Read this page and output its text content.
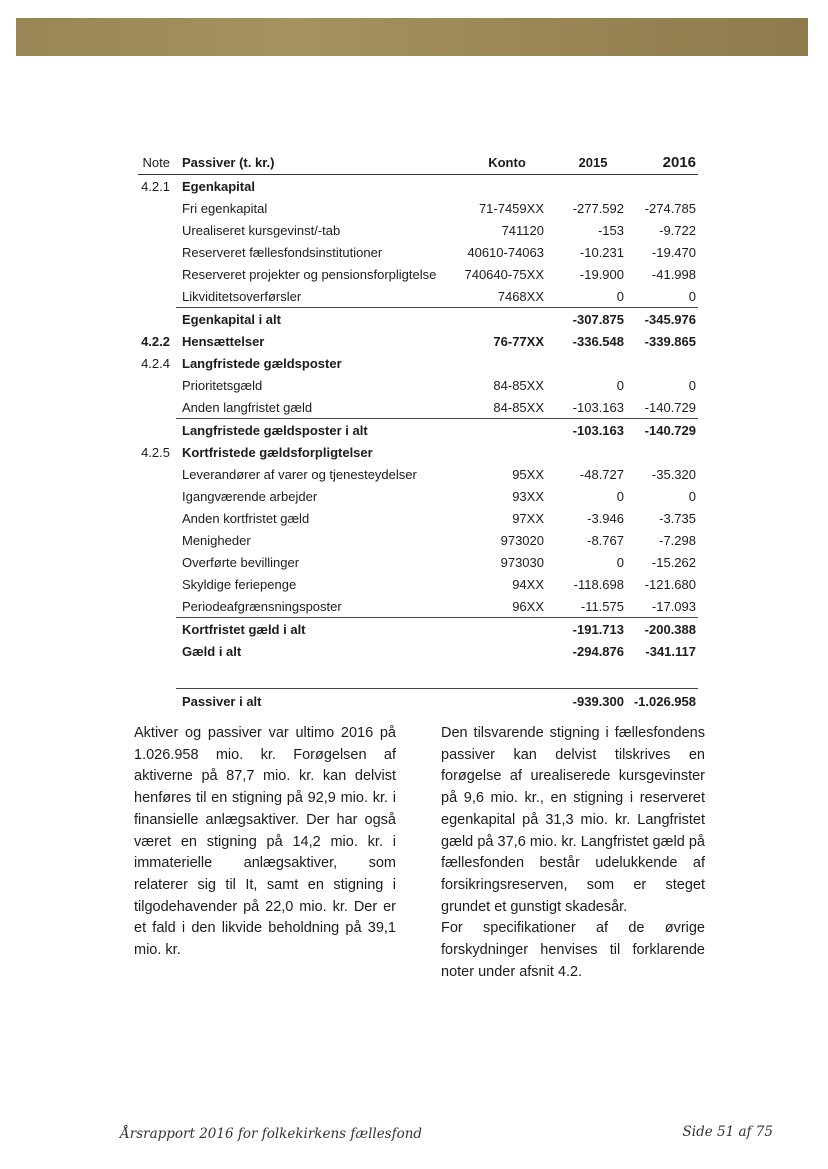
Note	Passiver (t. kr.)	Konto	2015	2016
4.2.1	Egenkapital			
	Fri egenkapital	71-7459XX	-277.592	-274.785
	Urealiseret kursgevinst/-tab	741120	-153	-9.722
	Reserveret fællesfondsinstitutioner	40610-74063	-10.231	-19.470
	Reserveret projekter og pensionsforpligtelse	740640-75XX	-19.900	-41.998
	Likviditetsoverførsler	7468XX	0	0
	Egenkapital i alt		-307.875	-345.976
4.2.2	Hensættelser	76-77XX	-336.548	-339.865
4.2.4	Langfristede gældsposter			
	Prioritetsgæld	84-85XX	0	0
	Anden langfristet gæld	84-85XX	-103.163	-140.729
	Langfristede gældsposter i alt		-103.163	-140.729
4.2.5	Kortfristede gældsforpligtelser			
	Leverandører af varer og tjenesteydelser	95XX	-48.727	-35.320
	Igangværende arbejder	93XX	0	0
	Anden kortfristet gæld	97XX	-3.946	-3.735
	Menigheder	973020	-8.767	-7.298
	Overførte bevillinger	973030	0	-15.262
	Skyldige feriepenge	94XX	-118.698	-121.680
	Periodeafgrænsningsposter	96XX	-11.575	-17.093
	Kortfristet gæld i alt		-191.713	-200.388
	Gæld i alt		-294.876	-341.117

	Passiver i alt		-939.300	-1.026.958

Aktiver og passiver var ultimo 2016 på 1.026.958 mio. kr. Forøgelsen af aktiverne på 87,7 mio. kr. kan delvist henføres til en stigning på 92,9 mio. kr. i finansielle anlægsaktiver. Der har også været en stigning på 14,2 mio. kr. i immaterielle anlægsaktiver, som relaterer sig til It, samt en stigning i tilgodehavender på 22,0 mio. kr. Der er et fald i den likvide beholdning på 39,1 mio. kr.

Den tilsvarende stigning i fællesfondens passiver kan delvist tilskrives en forøgelse af urealiserede kursgevinster på 9,6 mio. kr., en stigning i reserveret egenkapital på 31,3 mio. kr. Langfristet gæld på 37,6 mio. kr. Langfristet gæld på fællesfonden består udelukkende af forsikringsreserven, som er steget grundet et gunstigt skadesår.

For specifikationer af de øvrige forskydninger henvises til forklarende noter under afsnit 4.2.

Årsrapport 2016 for folkekirkens fællesfond	Side 51 af 75
